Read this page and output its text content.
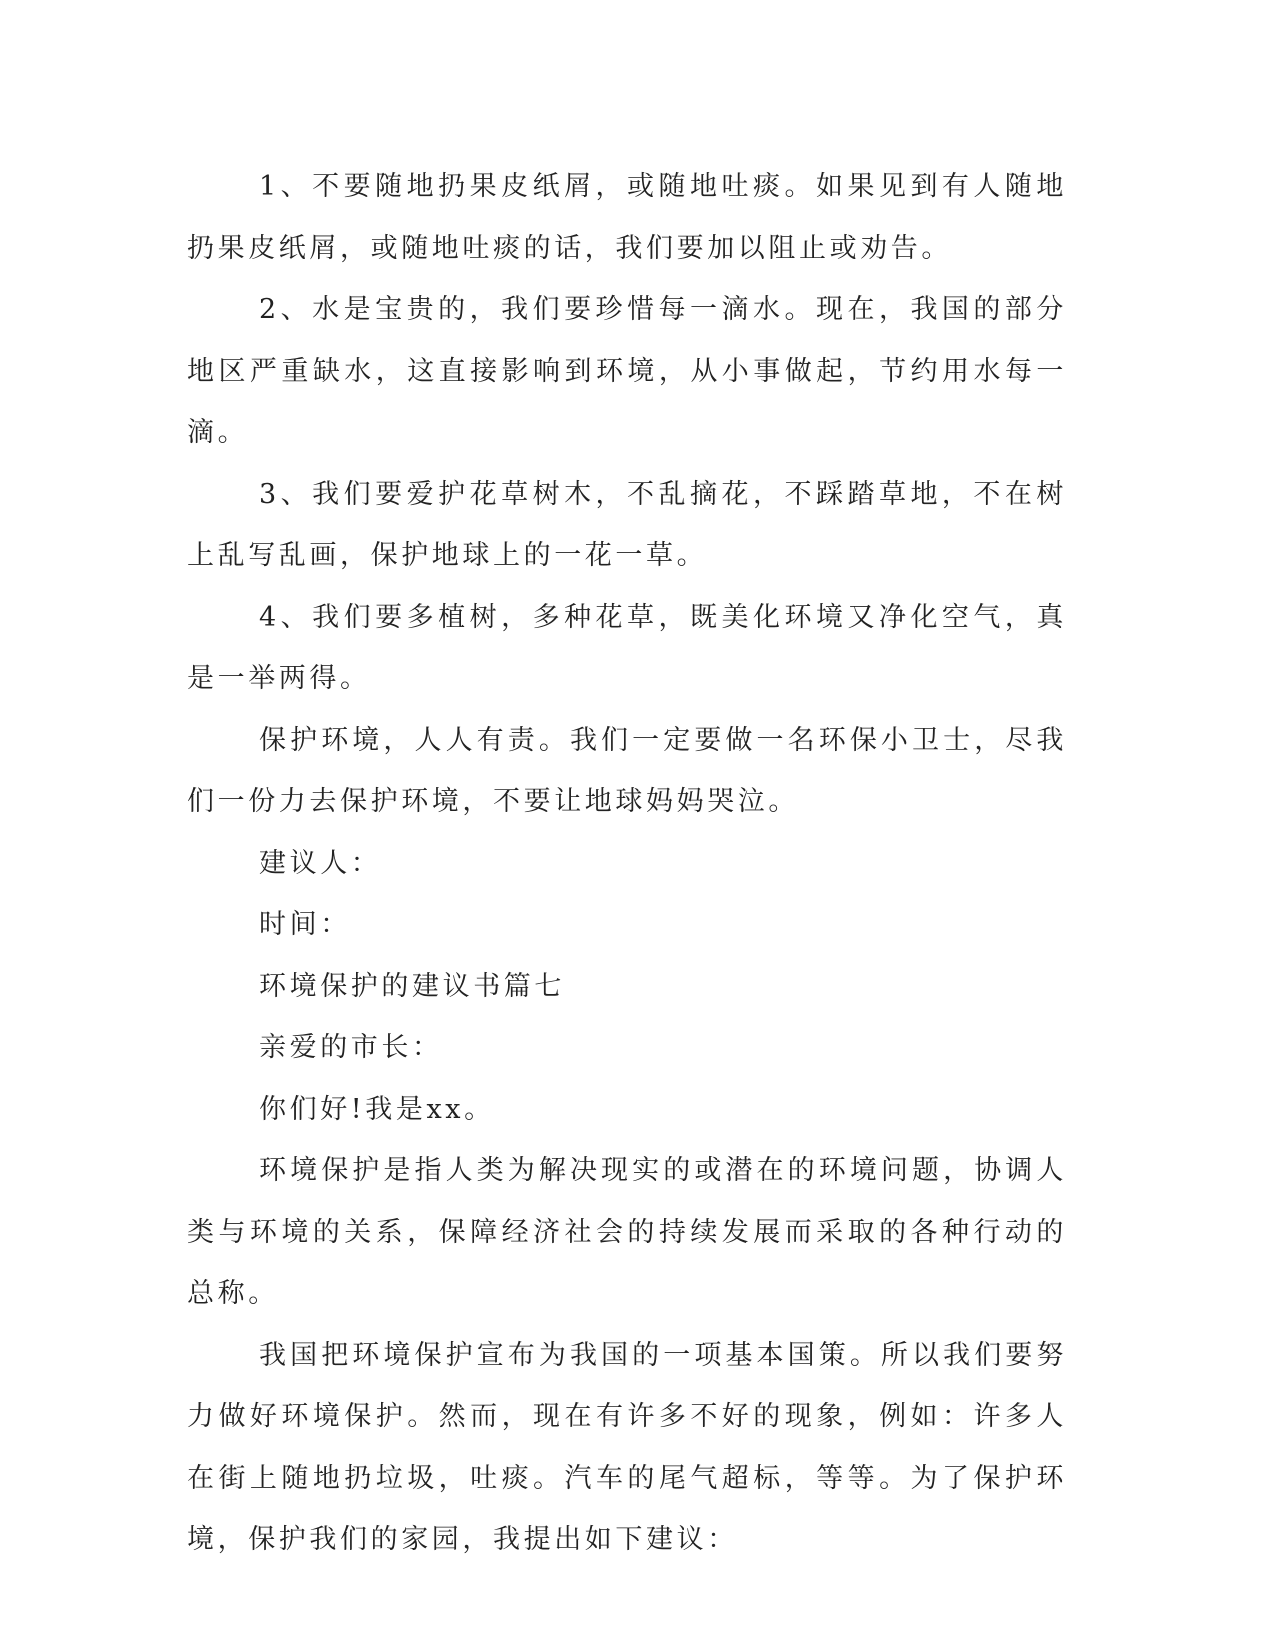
1、不要随地扔果皮纸屑，或随地吐痰。如果见到有人随地扔果皮纸屑，或随地吐痰的话，我们要加以阻止或劝告。

2、水是宝贵的，我们要珍惜每一滴水。现在，我国的部分地区严重缺水，这直接影响到环境，从小事做起，节约用水每一滴。

3、我们要爱护花草树木，不乱摘花，不踩踏草地，不在树上乱写乱画，保护地球上的一花一草。

4、我们要多植树，多种花草，既美化环境又净化空气，真是一举两得。

保护环境，人人有责。我们一定要做一名环保小卫士，尽我们一份力去保护环境，不要让地球妈妈哭泣。

建议人：

时间：

环境保护的建议书篇七

亲爱的市长：

你们好!我是xx。

环境保护是指人类为解决现实的或潜在的环境问题，协调人类与环境的关系，保障经济社会的持续发展而采取的各种行动的总称。

我国把环境保护宣布为我国的一项基本国策。所以我们要努力做好环境保护。然而，现在有许多不好的现象，例如：许多人在街上随地扔垃圾，吐痰。汽车的尾气超标，等等。为了保护环境，保护我们的家园，我提出如下建议：
